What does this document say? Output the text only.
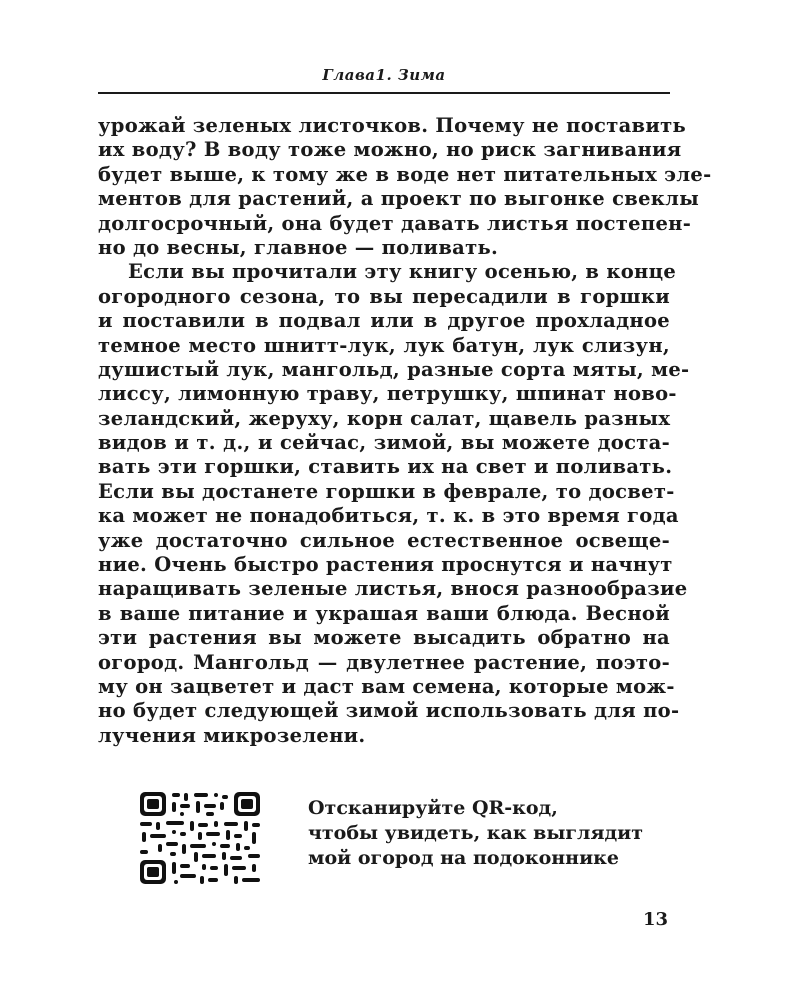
Глава1. Зима
урожай зеленых листочков. Почему не поставить
их воду? В воду тоже можно, но риск загнивания
будет выше, к тому же в воде нет питательных эле-
ментов для растений, а проект по выгонке свеклы
долгосрочный, она будет давать листья постепен-
но до весны, главное — поливать.
Если вы прочитали эту книгу осенью, в конце
огородного сезона, то вы пересадили в горшки
и поставили в подвал или в другое прохладное
темное место шнитт-лук, лук батун, лук слизун,
душистый лук, мангольд, разные сорта мяты, ме-
лиссу, лимонную траву, петрушку, шпинат ново-
зеландский, жеруху, корн салат, щавель разных
видов и т. д., и сейчас, зимой, вы можете доста-
вать эти горшки, ставить их на свет и поливать.
Если вы достанете горшки в феврале, то досвет-
ка может не понадобиться, т. к. в это время года
уже достаточно сильное естественное освеще-
ние. Очень быстро растения проснутся и начнут
наращивать зеленые листья, внося разнообразие
в ваше питание и украшая ваши блюда. Весной
эти растения вы можете высадить обратно на
огород. Мангольд — двулетнее растение, поэто-
му он зацветет и даст вам семена, которые мож-
но будет следующей зимой использовать для по-
лучения микрозелени.
Отсканируйте QR-код,
чтобы увидеть, как выглядит
мой огород на подоконнике
13
